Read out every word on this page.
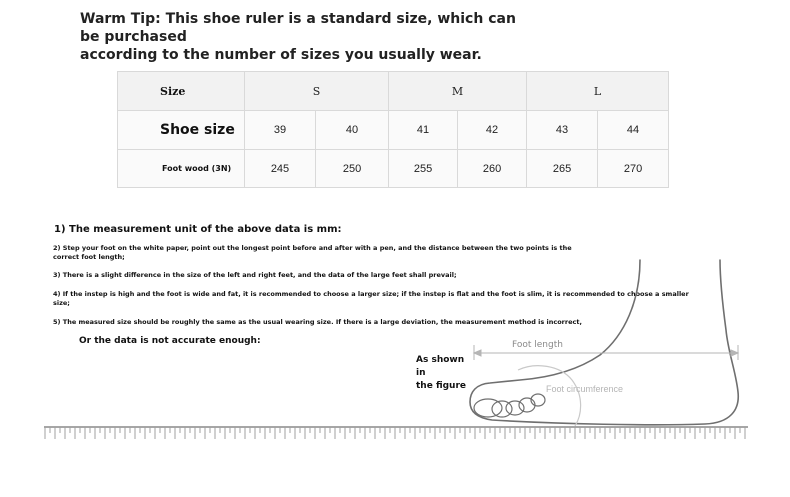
Warm Tip: This shoe ruler is a standard size, which can be purchased
according to the number of sizes you usually wear.
Size	S		M		L	
Shoe size	39	40	41	42	43	44
Foot wood (3N)	245	250	255	260	265	270
1) The measurement unit of the above data is mm:
2) Step your foot on the white paper, point out the longest point before and after with a pen, and the distance between the two points is the correct foot length;
3) There is a slight difference in the size of the left and right feet, and the data of the large feet shall prevail;
4) If the instep is high and the foot is wide and fat, it is recommended to choose a larger size; if the instep is flat and the foot is slim, it is recommended to choose a smaller size;
5) The measured size should be roughly the same as the usual wearing size. If there is a large deviation, the measurement method is incorrect,
Or the data is not accurate enough:
As shown in
the figure	Foot circumference
Foot length
